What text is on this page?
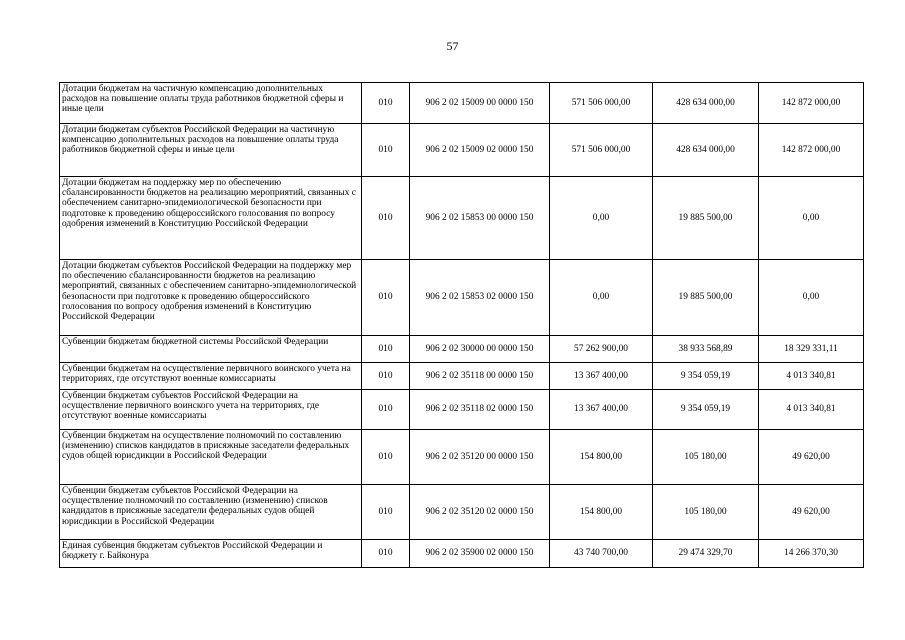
57
Дотации бюджетам на частичную компенсацию дополнительных расходов на повышение оплаты труда работников бюджетной сферы и иные цели	010	906 2 02 15009 00 0000 150	571 506 000,00	428 634 000,00	142 872 000,00
Дотации бюджетам субъектов Российской Федерации на частичную компенсацию дополнительных расходов на повышение оплаты труда работников бюджетной сферы и иные цели	010	906 2 02 15009 02 0000 150	571 506 000,00	428 634 000,00	142 872 000,00
Дотации бюджетам на поддержку мер по обеспечению сбалансированности бюджетов на реализацию мероприятий, связанных с обеспечением санитарно-эпидемиологической безопасности при подготовке к проведению общероссийского голосования по вопросу одобрения изменений в Конституцию Российской Федерации	010	906 2 02 15853 00 0000 150	0,00	19 885 500,00	0,00
Дотации бюджетам субъектов Российской Федерации на поддержку мер по обеспечению сбалансированности бюджетов на реализацию мероприятий, связанных с обеспечением санитарно-эпидемиологической безопасности при подготовке к проведению общероссийского голосования по вопросу одобрения изменений в Конституцию Российской Федерации	010	906 2 02 15853 02 0000 150	0,00	19 885 500,00	0,00
Субвенции бюджетам бюджетной системы Российской Федерации	010	906 2 02 30000 00 0000 150	57 262 900,00	38 933 568,89	18 329 331,11
Субвенции бюджетам на осуществление первичного воинского учета на территориях, где отсутствуют военные комиссариаты	010	906 2 02 35118 00 0000 150	13 367 400,00	9 354 059,19	4 013 340,81
Субвенции бюджетам субъектов Российской Федерации на осуществление первичного воинского учета на территориях, где отсутствуют военные комиссариаты	010	906 2 02 35118 02 0000 150	13 367 400,00	9 354 059,19	4 013 340,81
Субвенции бюджетам на осуществление полномочий по составлению (изменению) списков кандидатов в присяжные заседатели федеральных судов общей юрисдикции в Российской Федерации	010	906 2 02 35120 00 0000 150	154 800,00	105 180,00	49 620,00
Субвенции бюджетам субъектов Российской Федерации на осуществление полномочий по составлению (изменению) списков кандидатов в присяжные заседатели федеральных судов общей юрисдикции в Российской Федерации	010	906 2 02 35120 02 0000 150	154 800,00	105 180,00	49 620,00
Единая субвенция бюджетам субъектов Российской Федерации и бюджету г. Байконура	010	906 2 02 35900 02 0000 150	43 740 700,00	29 474 329,70	14 266 370,30
